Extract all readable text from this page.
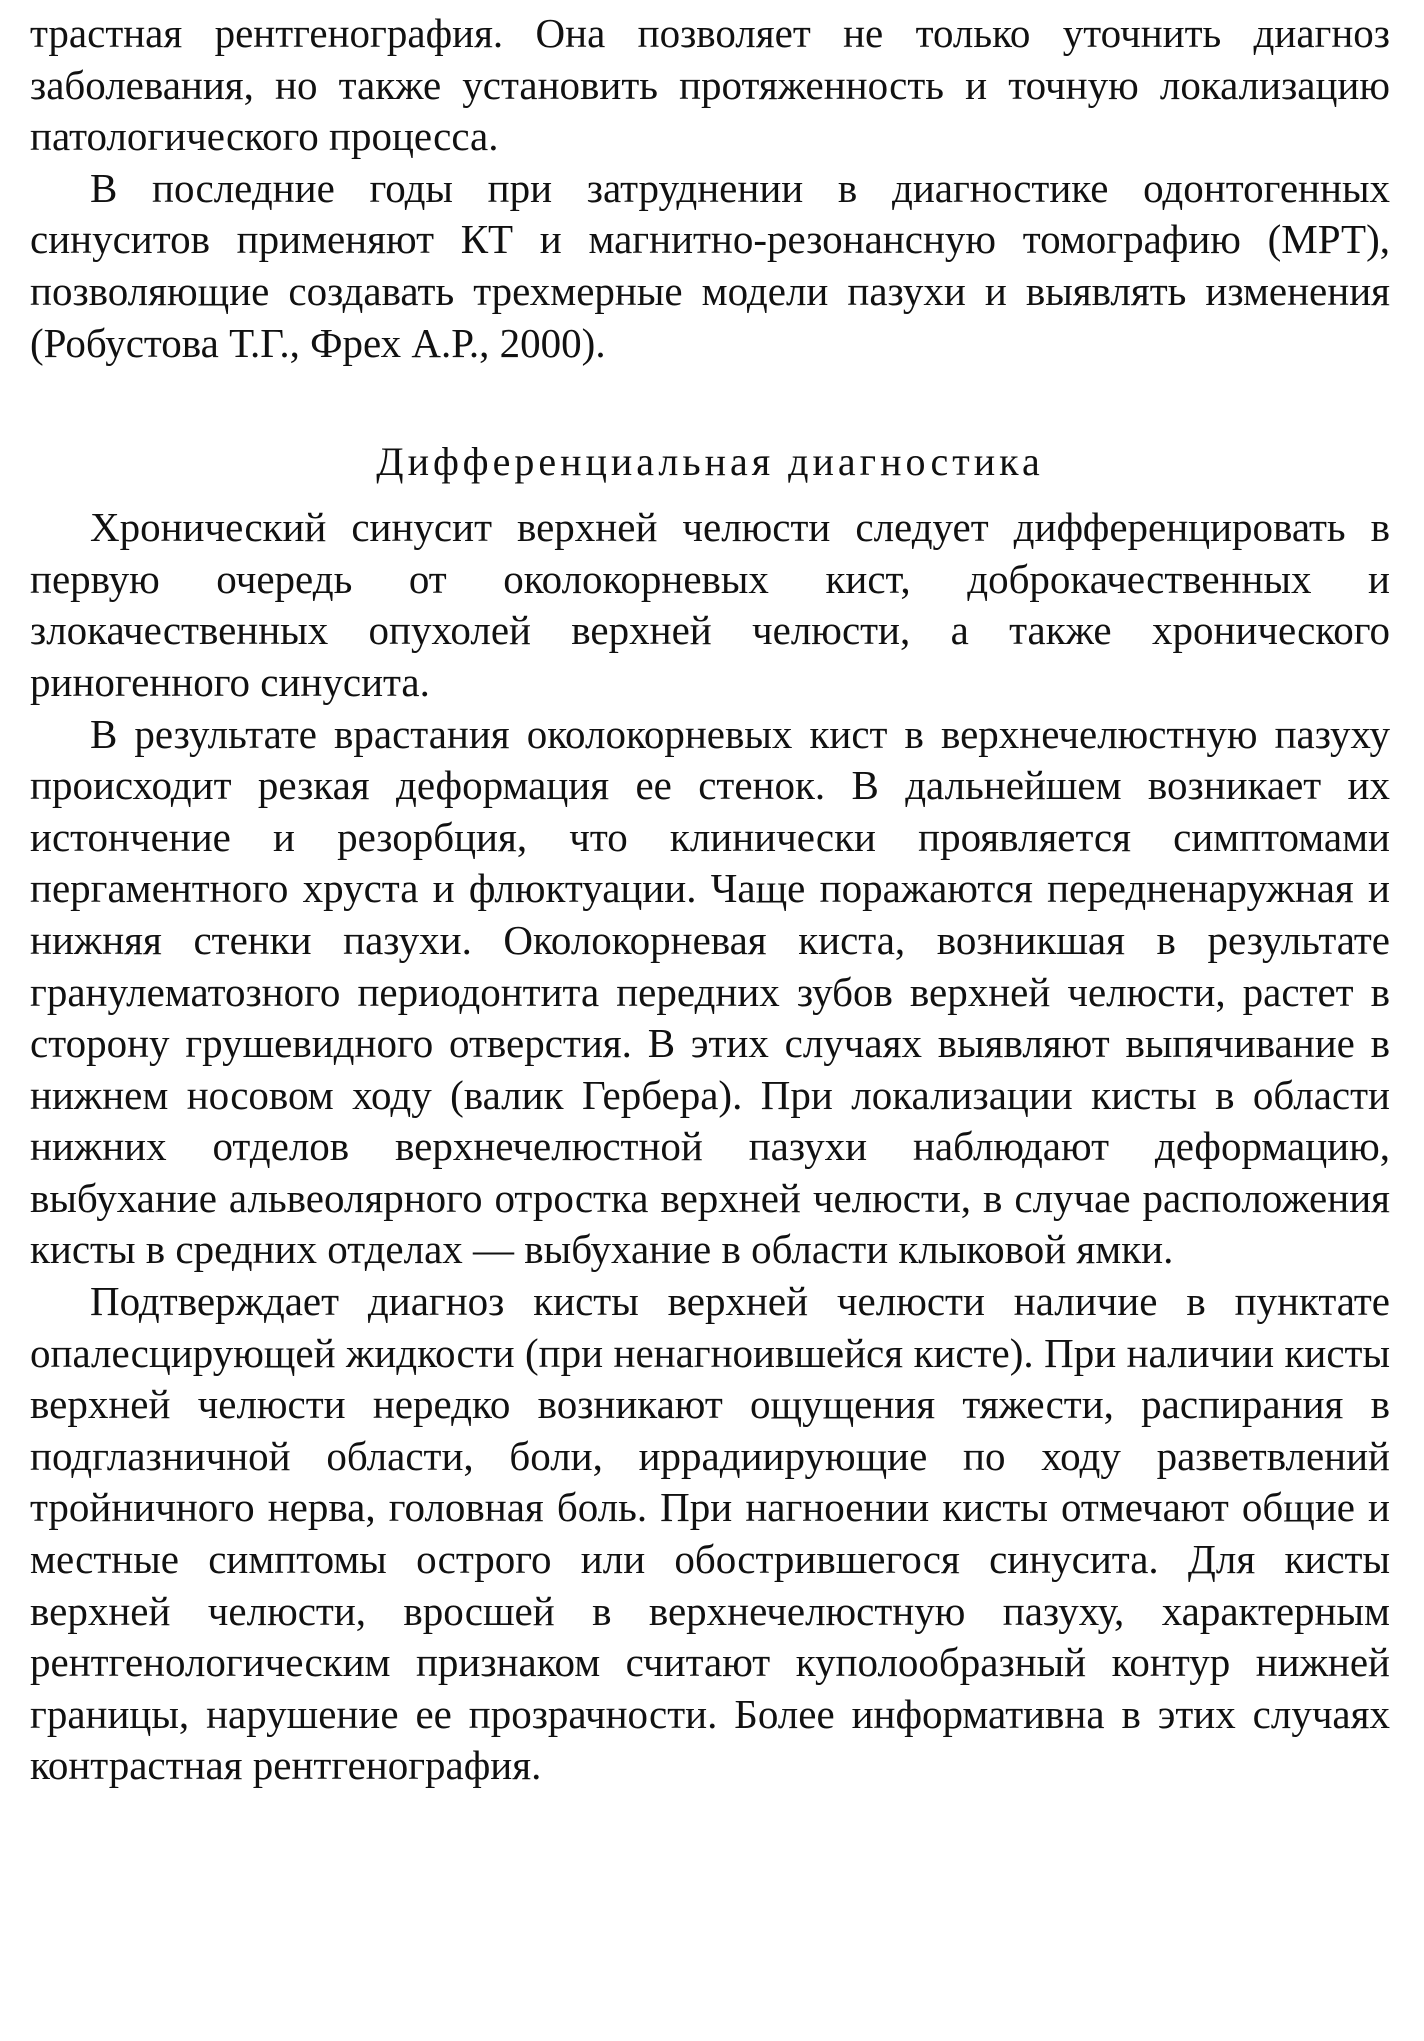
трастная рентгенография. Она позволяет не только уточнить диагноз заболевания, но также установить протяженность и точную локализацию патологического процесса.

В последние годы при затруднении в диагностике одонтогенных синуситов применяют КТ и магнитно-резонансную томографию (МРТ), позволяющие создавать трехмерные модели пазухи и выявлять изменения (Робустова Т.Г., Фрех А.Р., 2000).

Дифференциальная диагностика

Хронический синусит верхней челюсти следует дифференцировать в первую очередь от околокорневых кист, доброкачественных и злокачественных опухолей верхней челюсти, а также хронического риногенного синусита.

В результате врастания околокорневых кист в верхнечелюстную пазуху происходит резкая деформация ее стенок. В дальнейшем возникает их истончение и резорбция, что клинически проявляется симптомами пергаментного хруста и флюктуации. Чаще поражаются передненаружная и нижняя стенки пазухи. Околокорневая киста, возникшая в результате гранулематозного периодонтита передних зубов верхней челюсти, растет в сторону грушевидного отверстия. В этих случаях выявляют выпячивание в нижнем носовом ходу (валик Гербера). При локализации кисты в области нижних отделов верхнечелюстной пазухи наблюдают деформацию, выбухание альвеолярного отростка верхней челюсти, в случае расположения кисты в средних отделах — выбухание в области клыковой ямки.

Подтверждает диагноз кисты верхней челюсти наличие в пунктате опалесцирующей жидкости (при ненагноившейся кисте). При наличии кисты верхней челюсти нередко возникают ощущения тяжести, распирания в подглазничной области, боли, иррадиирующие по ходу разветвлений тройничного нерва, головная боль. При нагноении кисты отмечают общие и местные симптомы острого или обострившегося синусита. Для кисты верхней челюсти, вросшей в верхнечелюстную пазуху, характерным рентгенологическим признаком считают куполообразный контур нижней границы, нарушение ее прозрачности. Более информативна в этих случаях контрастная рентгенография.
